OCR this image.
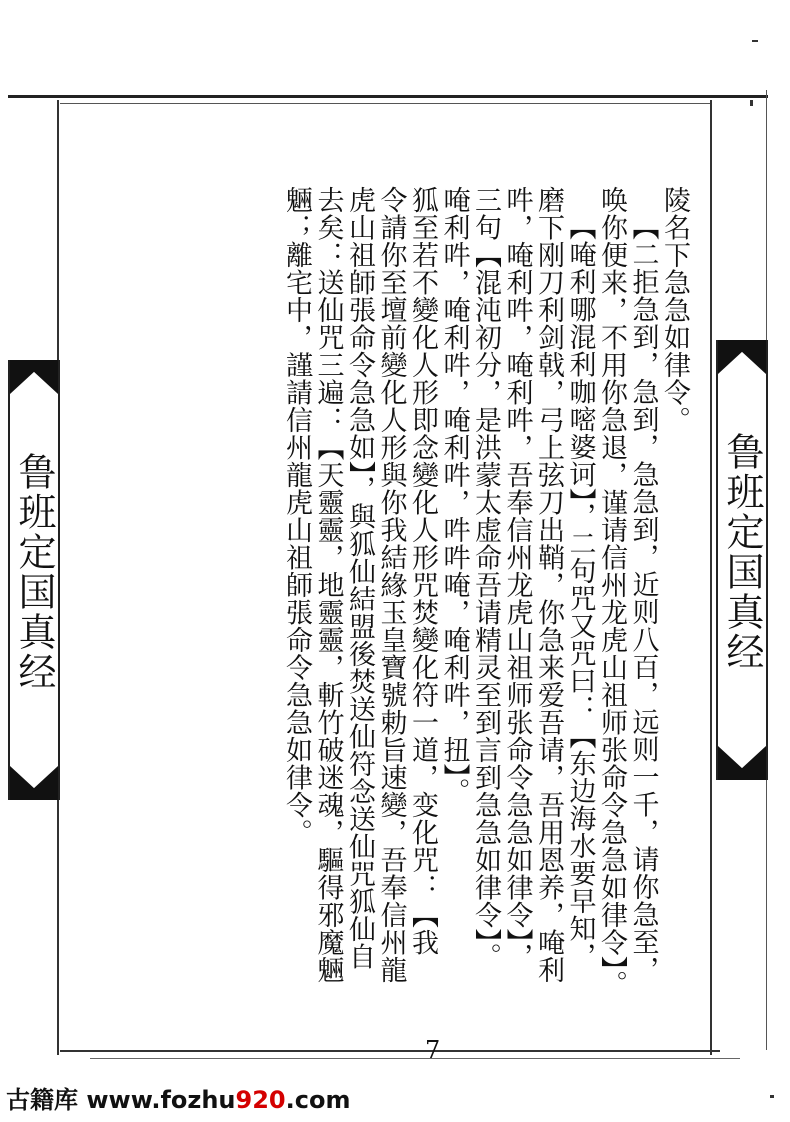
鲁班定国真经	鲁班定国真经

陵名下急急如律令。

【二拒急到，急到，急急到，近则八百，远则一千，请你急至，

唤你便来，不用你急退，谨请信州龙虎山祖师张命令急急如律令】。

【唵利哪混利咖嘧婆诃】，二句咒又咒曰：【东边海水要早知，

磨下刚刀利剑戟，弓上弦刀出鞘，你急来爱吾请，吾用恩养，唵利

吽，唵利吽，唵利吽，吾奉信州龙虎山祖师张命令急急如律令】，

三句【混沌初分，是洪蒙太虚命吾请精灵至到言到急急如律令】。

唵利吽，唵利吽，唵利吽，吽吽唵，唵利吽，扭】。

狐至若不變化人形即念變化人形咒焚變化符一道，变化咒：【我

令請你至壇前變化人形與你我結緣玉皇寶號勅旨速變，吾奉信州龍

虎山祖師張命令急急如】，與狐仙結盟後焚送仙符念送仙咒狐仙自

去矣：送仙咒三遍：【天靈靈，地靈靈，斬竹破迷魂，驅得邪魔魎

魎；離宅中，謹請信州龍虎山祖師張命令急急如律令。

7
古籍库 www.fozhu920.com
